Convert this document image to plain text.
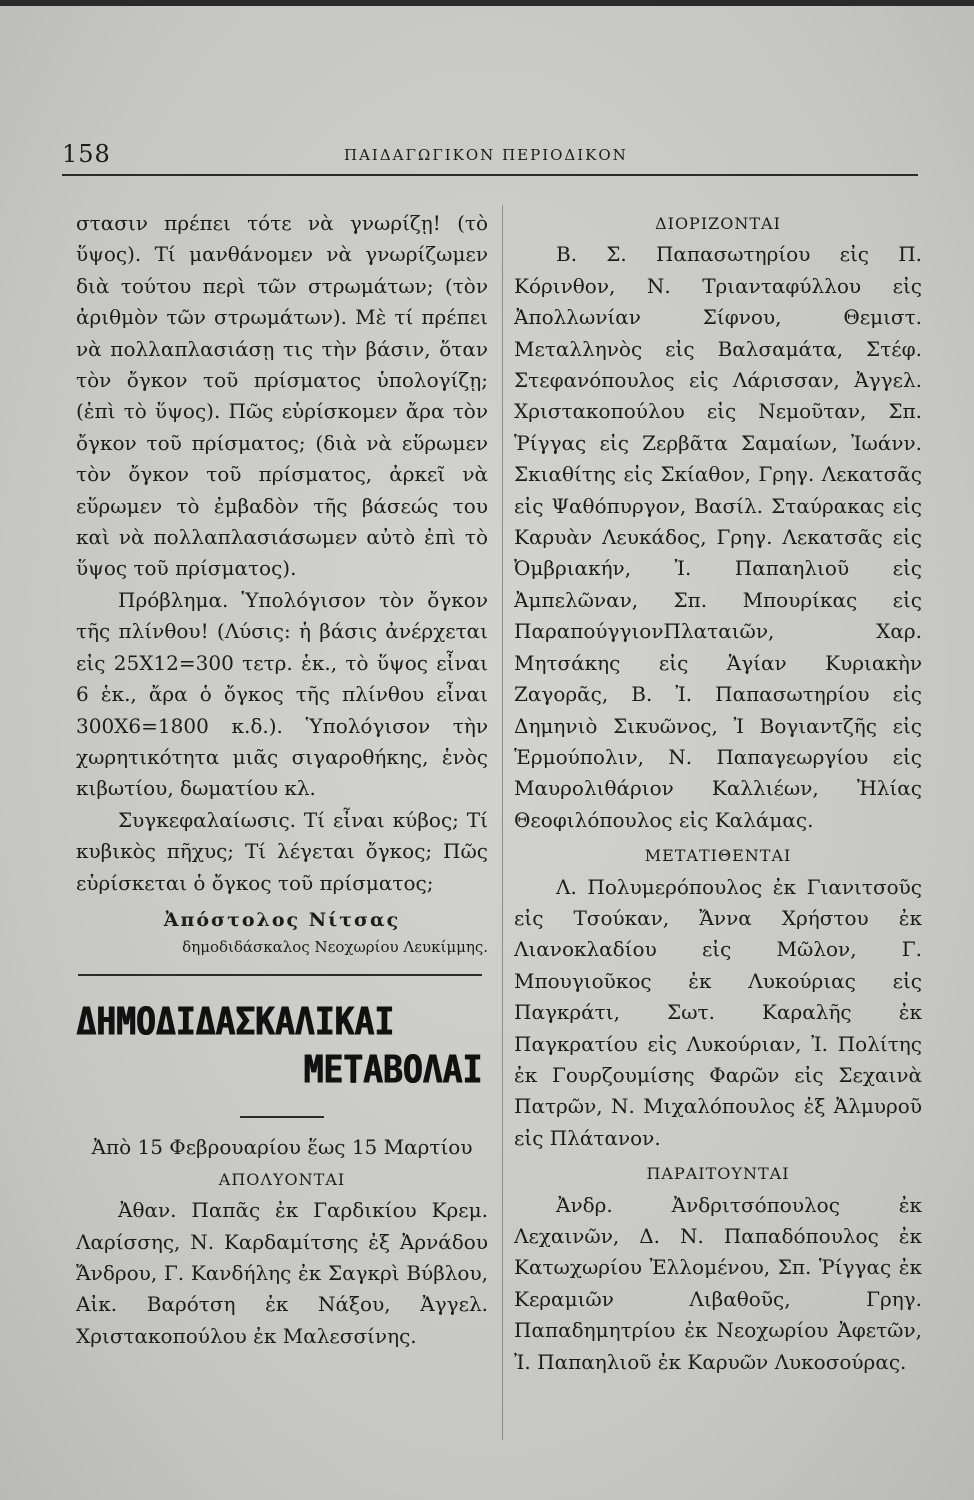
158	ΠΑΙΔΑΓΩΓΙΚΟΝ ΠΕΡΙΟΔΙΚΟΝ

στασιν πρέπει τότε νὰ γνωρίζῃ! (τὸ ὕψος). Τί μανθάνομεν νὰ γνωρίζωμεν διὰ τούτου περὶ τῶν στρωμάτων; (τὸν ἀριθμὸν τῶν στρωμάτων). Μὲ τί πρέπει νὰ πολλαπλασιάσῃ τις τὴν βάσιν, ὅταν τὸν ὄγκον τοῦ πρίσματος ὑπολογίζῃ; (ἐπὶ τὸ ὕψος). Πῶς εὑρίσκομεν ἄρα τὸν ὄγκον τοῦ πρίσματος; (διὰ νὰ εὕρωμεν τὸν ὄγκον τοῦ πρίσματος, ἀρκεῖ νὰ εὕρωμεν τὸ ἐμβαδὸν τῆς βάσεώς του καὶ νὰ πολλαπλασιάσωμεν αὐτὸ ἐπὶ τὸ ὕψος τοῦ πρίσματος).

Πρόβλημα. Ὑπολόγισον τὸν ὄγκον τῆς πλίνθου! (Λύσις: ἡ βάσις ἀνέρχεται εἰς 25Χ12=300 τετρ. ἑκ., τὸ ὕψος εἶναι 6 ἑκ., ἄρα ὁ ὄγκος τῆς πλίνθου εἶναι 300Χ6=1800 κ.δ.). Ὑπολόγισον τὴν χωρητικότητα μιᾶς σιγαροθήκης, ἑνὸς κιβωτίου, δωματίου κλ.

Συγκεφαλαίωσις. Τί εἶναι κύβος; Τί κυβικὸς πῆχυς; Τί λέγεται ὄγκος; Πῶς εὑρίσκεται ὁ ὄγκος τοῦ πρίσματος;

Ἀπόστολος Νίτσας
δημοδιδάσκαλος Νεοχωρίου Λευκίμμης.
ΔΗΜΟΔΙΔΑΣΚΑΛΙΚΑΙ
ΜΕΤΑΒΟΛΑΙ

Ἀπὸ 15 Φεβρουαρίου ἕως 15 Μαρτίου

ΑΠΟΛΥΟΝΤΑΙ

Ἀθαν. Παπᾶς ἐκ Γαρδικίου Κρεμ. Λαρίσσης, Ν. Καρδαμίτσης ἐξ Ἀρνάδου Ἄνδρου, Γ. Κανδήλης ἐκ Σαγκρὶ Βύβλου, Αἰκ. Βαρότση ἐκ Νάξου, Ἀγγελ. Χριστακοπούλου ἐκ Μαλεσσίνης.

ΔΙΟΡΙΖΟΝΤΑΙ

Β. Σ. Παπασωτηρίου εἰς Π. Κόρινθον, Ν. Τριανταφύλλου εἰς Ἀπολλωνίαν Σίφνου, Θεμιστ. Μεταλληνὸς εἰς Βαλσαμάτα, Στέφ. Στεφανόπουλος εἰς Λάρισσαν, Ἀγγελ. Χριστακοπούλου εἰς Νεμοῦταν, Σπ. Ῥίγγας εἰς Ζερβᾶτα Σαμαίων, Ἰωάνν. Σκιαθίτης εἰς Σκίαθον, Γρηγ. Λεκατσᾶς εἰς Ψαθόπυργον, Βασίλ. Σταύρακας εἰς Καρυὰν Λευκάδος, Γρηγ. Λεκατσᾶς εἰς Ὀμβριακήν, Ἰ. Παπαηλιοῦ εἰς Ἀμπελῶναν, Σπ. Μπουρίκας εἰς ΠαραπούγγιονΠλαταιῶν, Χαρ. Μητσάκης εἰς Ἁγίαν Κυριακὴν Ζαγορᾶς, Β. Ἰ. Παπασωτηρίου εἰς Δημηνιὸ Σικυῶνος, Ἰ Βογιαντζῆς εἰς Ἑρμούπολιν, Ν. Παπαγεωργίου εἰς Μαυρολιθάριον Καλλιέων, Ἠλίας Θεοφιλόπουλος εἰς Καλάμας.

ΜΕΤΑΤΙΘΕΝΤΑΙ

Λ. Πολυμερόπουλος ἐκ Γιανιτσοῦς εἰς Τσούκαν, Ἄννα Χρήστου ἐκ Λιανοκλαδίου εἰς Μῶλον, Γ. Μπουγιοῦκος ἐκ Λυκούριας εἰς Παγκράτι, Σωτ. Καραλῆς ἐκ Παγκρατίου εἰς Λυκούριαν, Ἰ. Πολίτης ἐκ Γουρζουμίσης Φαρῶν εἰς Σεχαινὰ Πατρῶν, Ν. Μιχαλόπουλος ἐξ Ἀλμυροῦ εἰς Πλάτανον.

ΠΑΡΑΙΤΟΥΝΤΑΙ

Ἀνδρ. Ἀνδριτσόπουλος ἐκ Λεχαινῶν, Δ. Ν. Παπαδόπουλος ἐκ Κατωχωρίου Ἐλλομένου, Σπ. Ῥίγγας ἐκ Κεραμιῶν Λιβαθοῦς, Γρηγ. Παπαδημητρίου ἐκ Νεοχωρίου Ἀφετῶν, Ἰ. Παπαηλιοῦ ἐκ Καρυῶν Λυκοσούρας.
